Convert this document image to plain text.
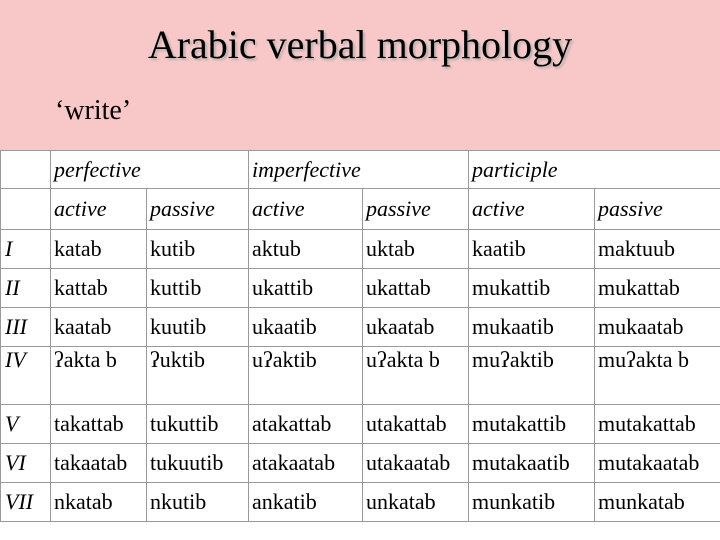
Arabic verbal morphology
‘write’
	perfective		imperfective		participle	
	active	passive	active	passive	active	passive
I	katab	kutib	aktub	uktab	kaatib	maktuub
II	kattab	kuttib	ukattib	ukattab	mukattib	mukattab
III	kaatab	kuutib	ukaatib	ukaatab	mukaatib	mukaatab
IV	ʔakta b	ʔuktib	uʔaktib	uʔakta b	muʔaktib	muʔakta b
V	takattab	tukuttib	atakattab	utakattab	mutakattib	mutakattab
VI	takaatab	tukuutib	atakaatab	utakaatab	mutakaatib	mutakaatab
VII	nkatab	nkutib	ankatib	unkatab	munkatib	munkatab
